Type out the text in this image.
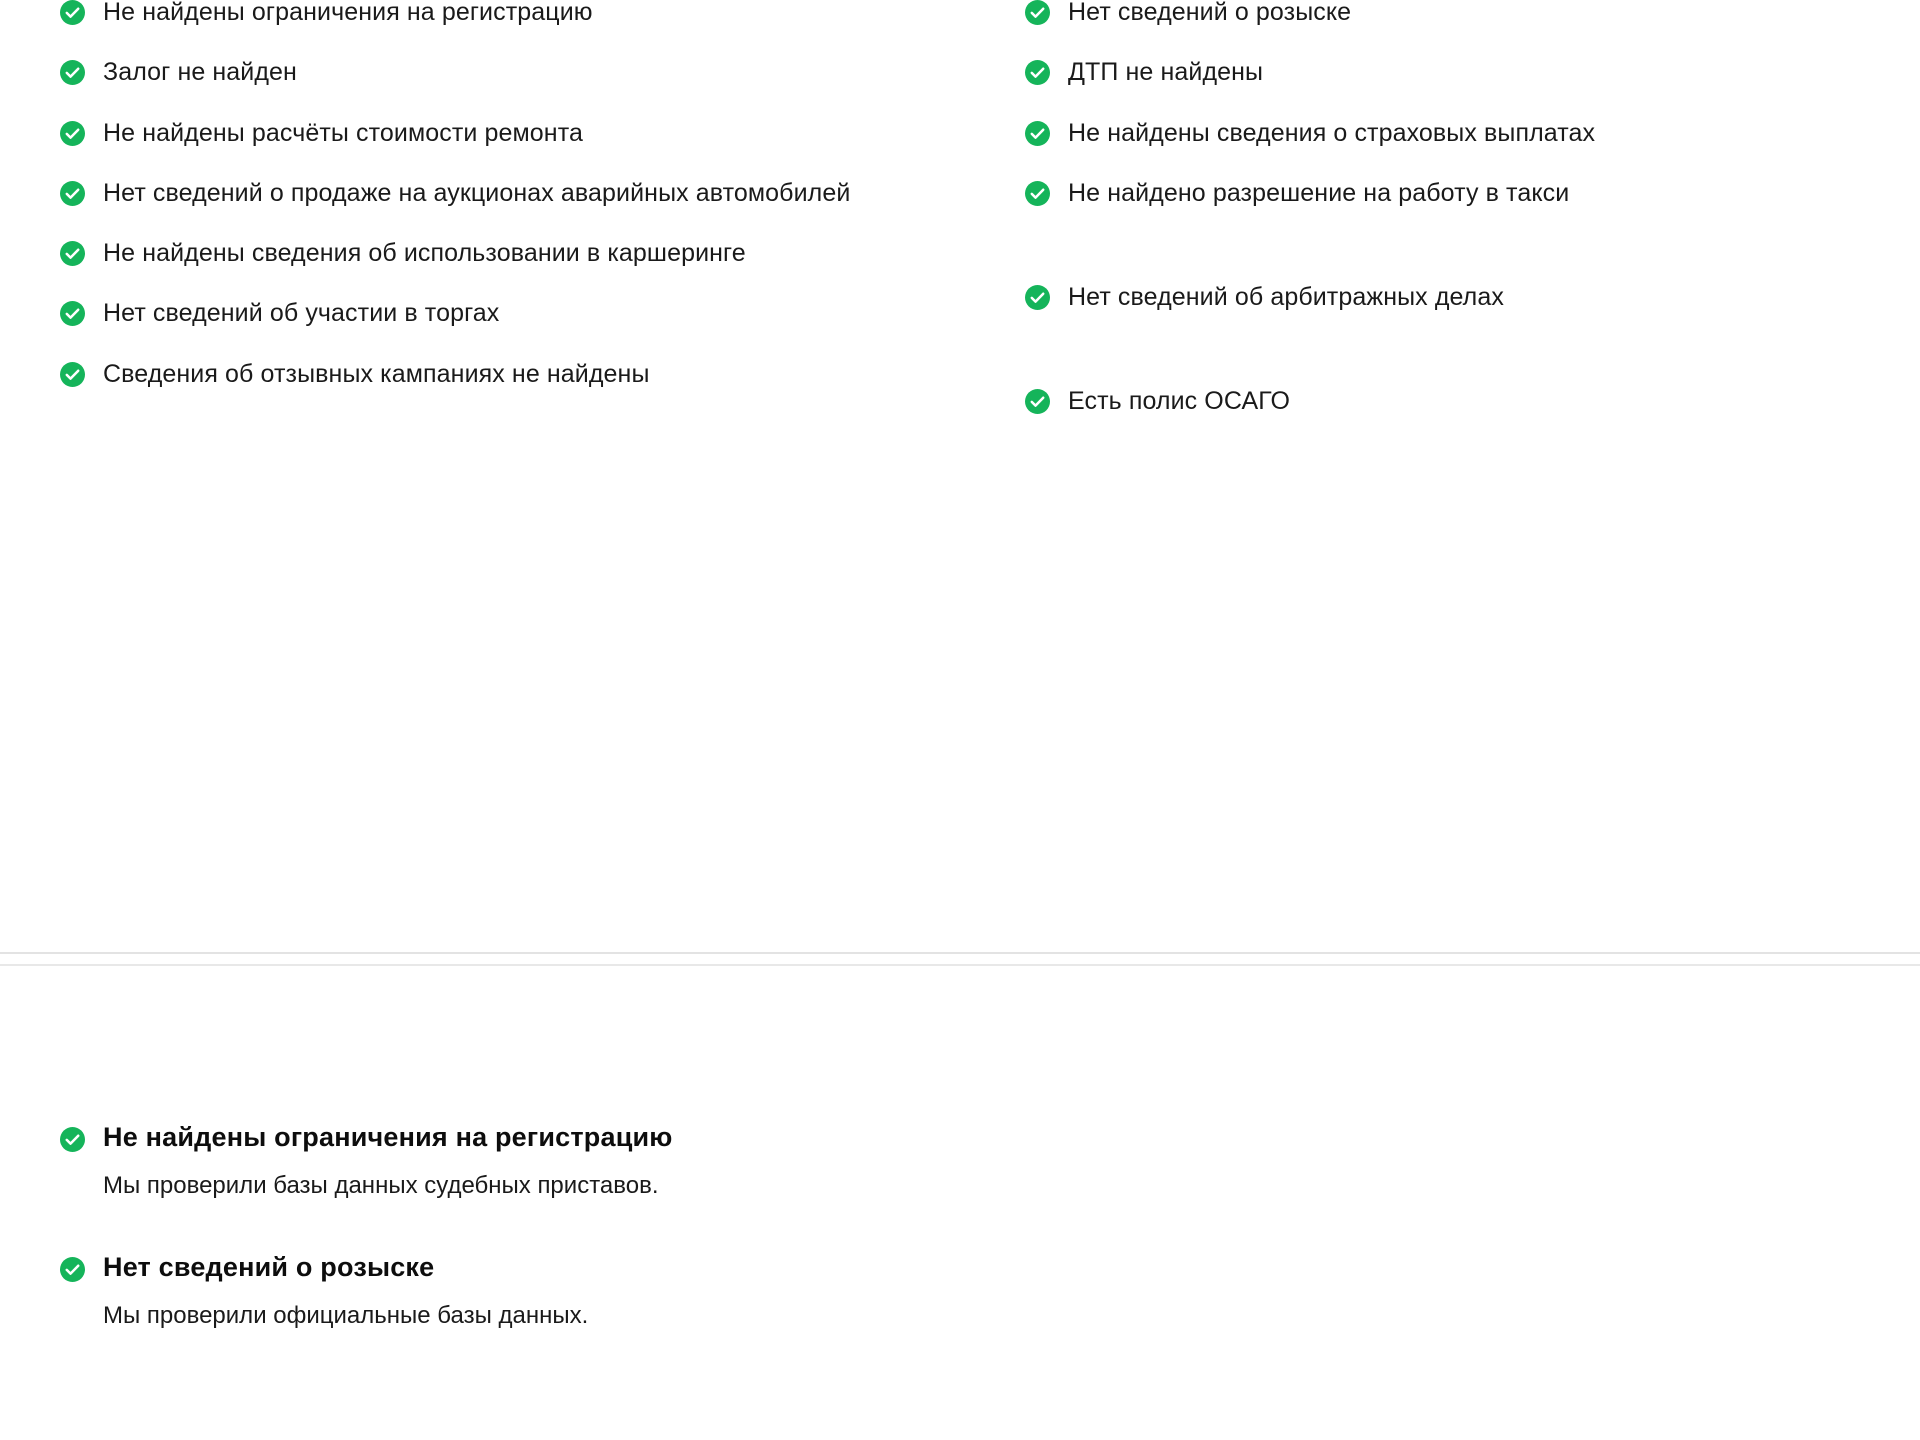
Не найдены ограничения на регистрацию
Залог не найден
Не найдены расчёты стоимости ремонта
Нет сведений о продаже на аукционах аварийных автомобилей
Не найдены сведения об использовании в каршеринге
Нет сведений об участии в торгах
Сведения об отзывных кампаниях не найдены
Нет сведений о розыске
ДТП не найдены
Не найдены сведения о страховых выплатах
Не найдено разрешение на работу в такси
Нет сведений об арбитражных делах
Есть полис ОСАГО
Не найдены ограничения на регистрацию
Мы проверили базы данных судебных приставов.
Нет сведений о розыске
Мы проверили официальные базы данных.
